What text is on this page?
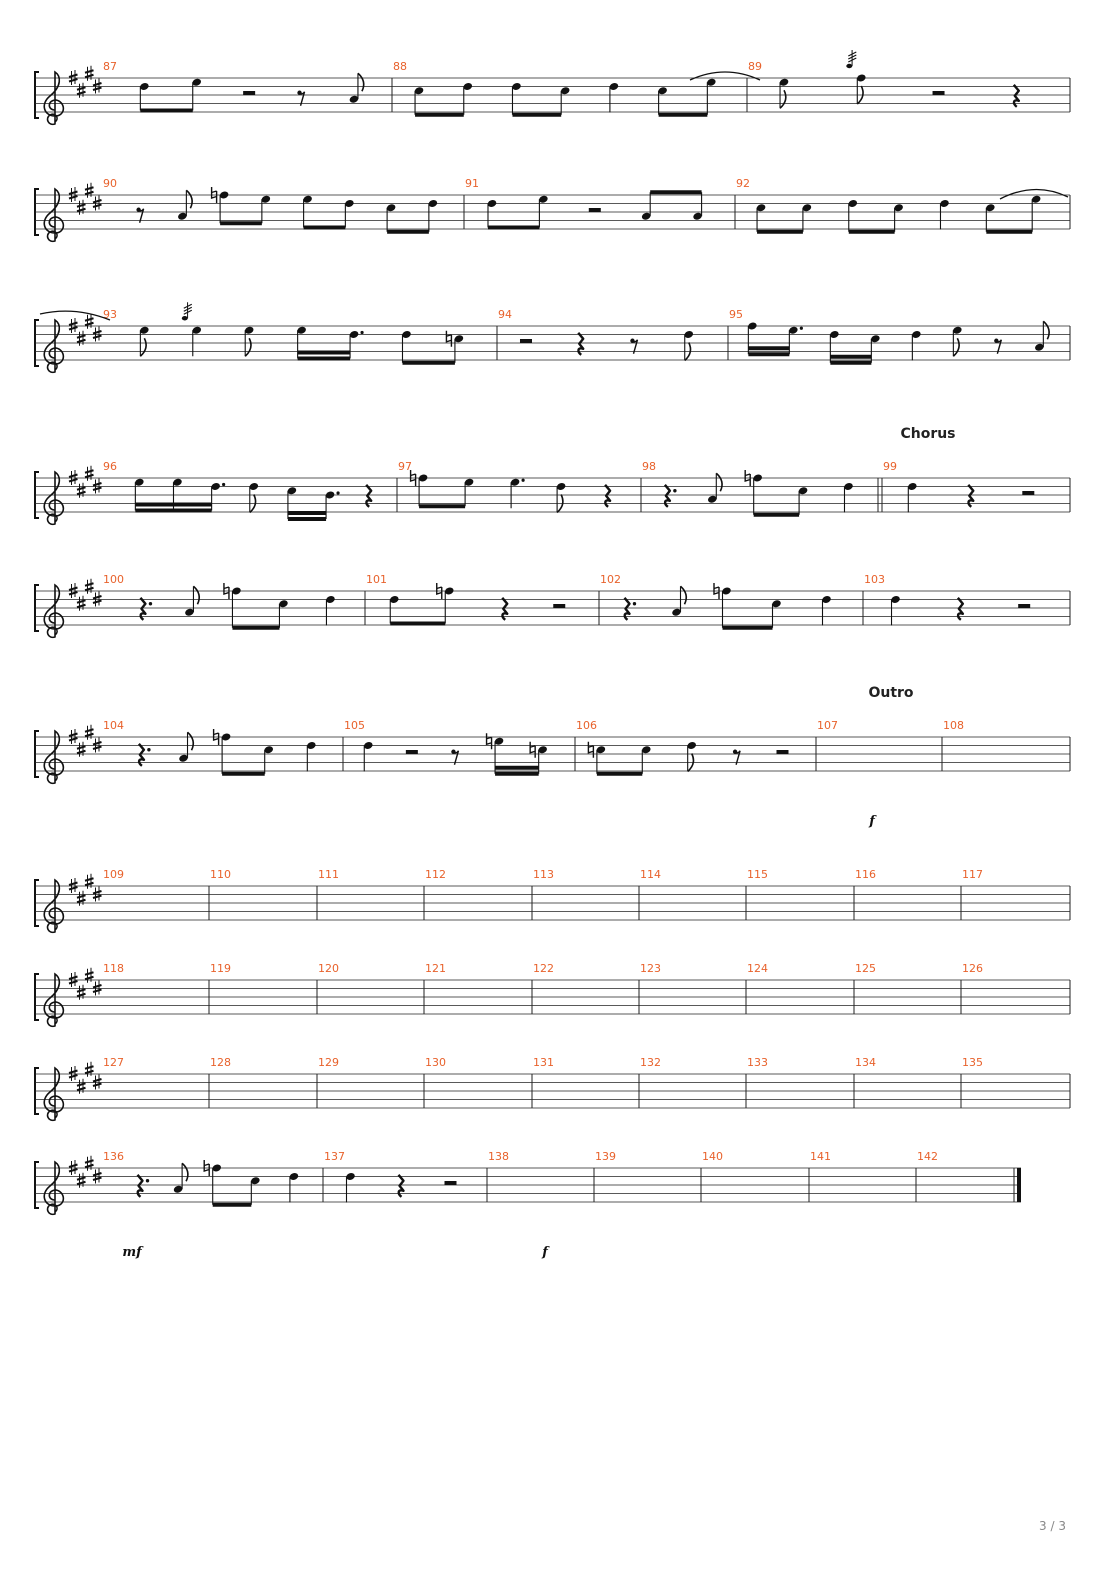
87	88	89
90	91	92
93	94	95
96	97	98	99
100	101	102	103
104	105	106	107	108
109	110	111	112	113	114	115	116	117
118	119	120	121	122	123	124	125	126
127	128	129	130	131	132	133	134	135
136	137	138	139	140	141	142
Chorus
Outro
f
mf	f
3 / 3
